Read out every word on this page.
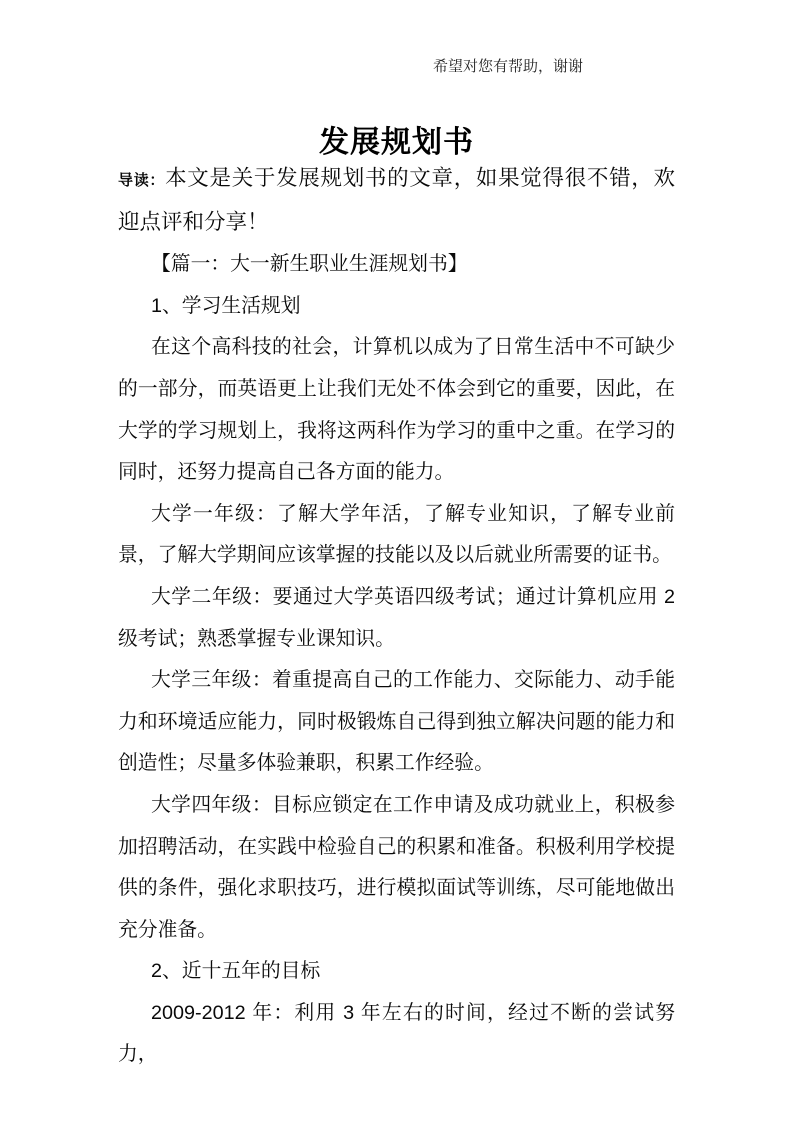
希望对您有帮助，谢谢
发展规划书

导读：本文是关于发展规划书的文章，如果觉得很不错，欢迎点评和分享！

【篇一：大一新生职业生涯规划书】

1、学习生活规划

在这个高科技的社会，计算机以成为了日常生活中不可缺少的一部分，而英语更上让我们无处不体会到它的重要，因此，在大学的学习规划上，我将这两科作为学习的重中之重。在学习的同时，还努力提高自己各方面的能力。

大学一年级：了解大学年活，了解专业知识，了解专业前景，了解大学期间应该掌握的技能以及以后就业所需要的证书。

大学二年级：要通过大学英语四级考试；通过计算机应用 2 级考试；熟悉掌握专业课知识。

大学三年级：着重提高自己的工作能力、交际能力、动手能力和环境适应能力，同时极锻炼自己得到独立解决问题的能力和创造性；尽量多体验兼职，积累工作经验。

大学四年级：目标应锁定在工作申请及成功就业上，积极参加招聘活动，在实践中检验自己的积累和准备。积极利用学校提供的条件，强化求职技巧，进行模拟面试等训练，尽可能地做出充分准备。

2、近十五年的目标

2009-2012 年：利用 3 年左右的时间，经过不断的尝试努力，
